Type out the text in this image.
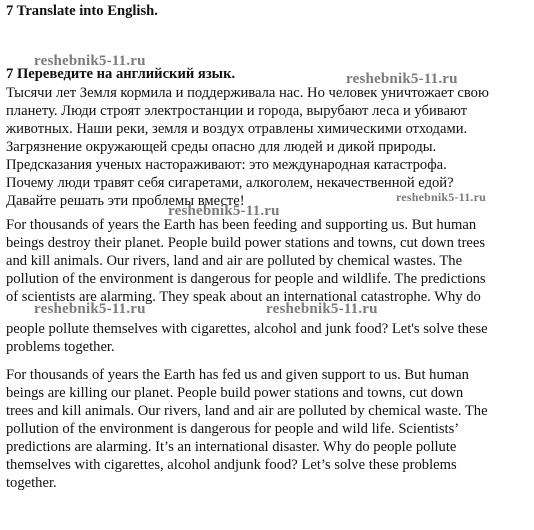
7 Translate into English.
reshebnik5-11.ru
reshebnik5-11.ru
reshebnik5-11.ru
reshebnik5-11.ru
reshebnik5-11.ru	reshebnik5-11.ru
7 Переведите на английский язык.
Тысячи лет Земля кормила и поддерживала нас. Но человек уничтожает свою
планету. Люди строят электростанции и города, вырубают леса и убивают
животных. Наши реки, земля и воздух отравлены химическими отходами.
Загрязнение окружающей среды опасно для людей и дикой природы.
Предсказания ученых настораживают: это международная катастрофа.
Почему люди травят себя сигаретами, алкоголем, некачественной едой?
Давайте решать эти проблемы вместе!
For thousands of years the Earth has been feeding and supporting us. But human
beings destroy their planet. People build power stations and towns, cut down trees
and kill animals. Our rivers, land and air are polluted by chemical wastes. The
pollution of the environment is dangerous for people and wildlife. The predictions
of scientists are alarming. They speak about an international catastrophe. Why do
people pollute themselves with cigarettes, alcohol and junk food? Let's solve these
problems together.
For thousands of years the Earth has fed us and given support to us. But human
beings are killing our planet. People build power stations and towns, cut down
trees and kill animals. Our rivers, land and air are polluted by chemical waste. The
pollution of the environment is dangerous for people and wild life. Scientists’
predictions are alarming. It’s an international disaster. Why do people pollute
themselves with cigarettes, alcohol andjunk food? Let’s solve these problems
together.
